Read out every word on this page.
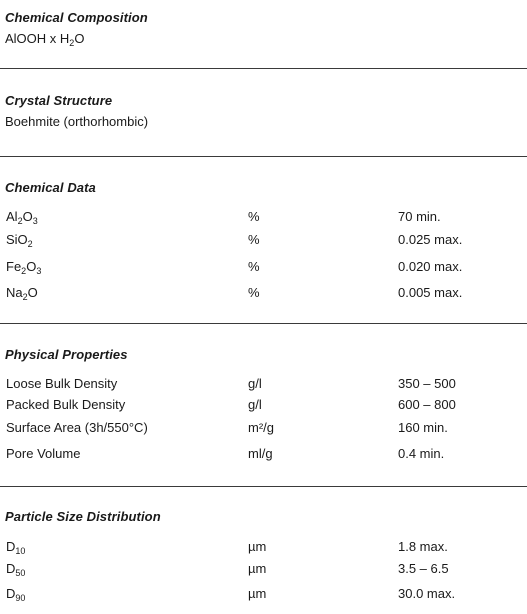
Chemical Composition
AlOOH x $H_2O$
Crystal Structure
Boehmite (orthorhombic)
Chemical Data
$Al_2O_3$	%	70 min.
SiO$_2$	%	0.025 max.
$Fe_2O_3$	%	0.020 max.
$Na_2O$	%	0.005 max.
Physical Properties
Loose Bulk Density	g/l	350 – 500
Packed Bulk Density	g/l	600 – 800
Surface Area (3h/550°C)	m²/g	160 min.
Pore Volume	ml/g	0.4 min.
Particle Size Distribution
$D_{10}$	µm	1.8 max.
$D_{50}$	µm	3.5 – 6.5
$D_{90}$	µm	30.0 max.
